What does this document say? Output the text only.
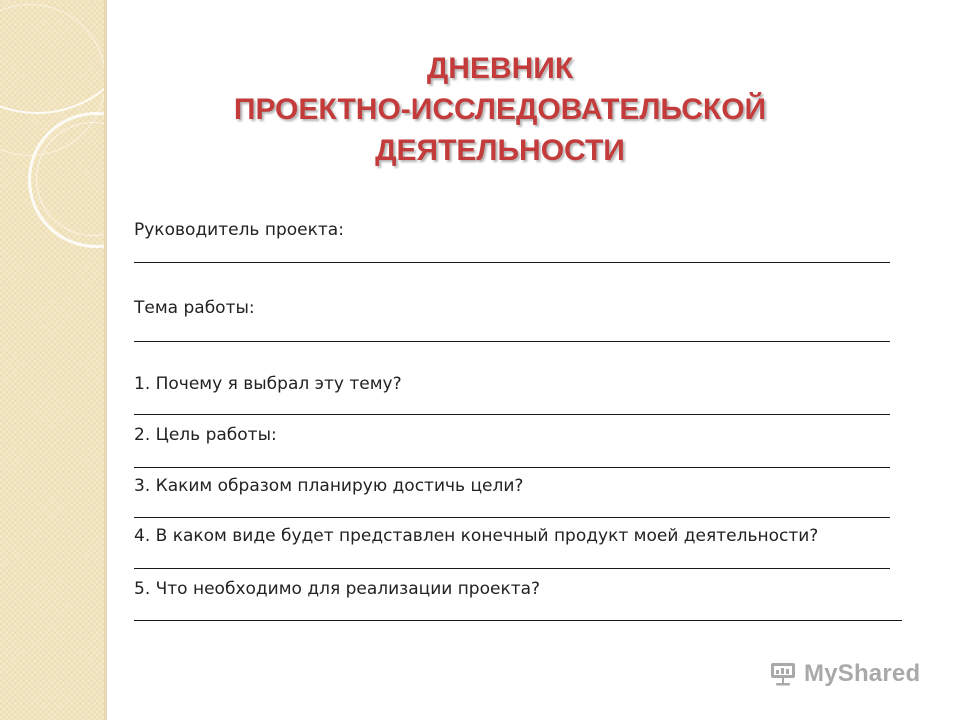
ДНЕВНИК
ПРОЕКТНО-ИССЛЕДОВАТЕЛЬСКОЙ
ДЕЯТЕЛЬНОСТИ
Руководитель проекта:
Тема работы:
1. Почему я выбрал эту тему?
2. Цель работы:
3. Каким образом планирую достичь цели?
4. В каком виде будет представлен конечный продукт моей деятельности?
5. Что необходимо для реализации проекта?
MyShared
